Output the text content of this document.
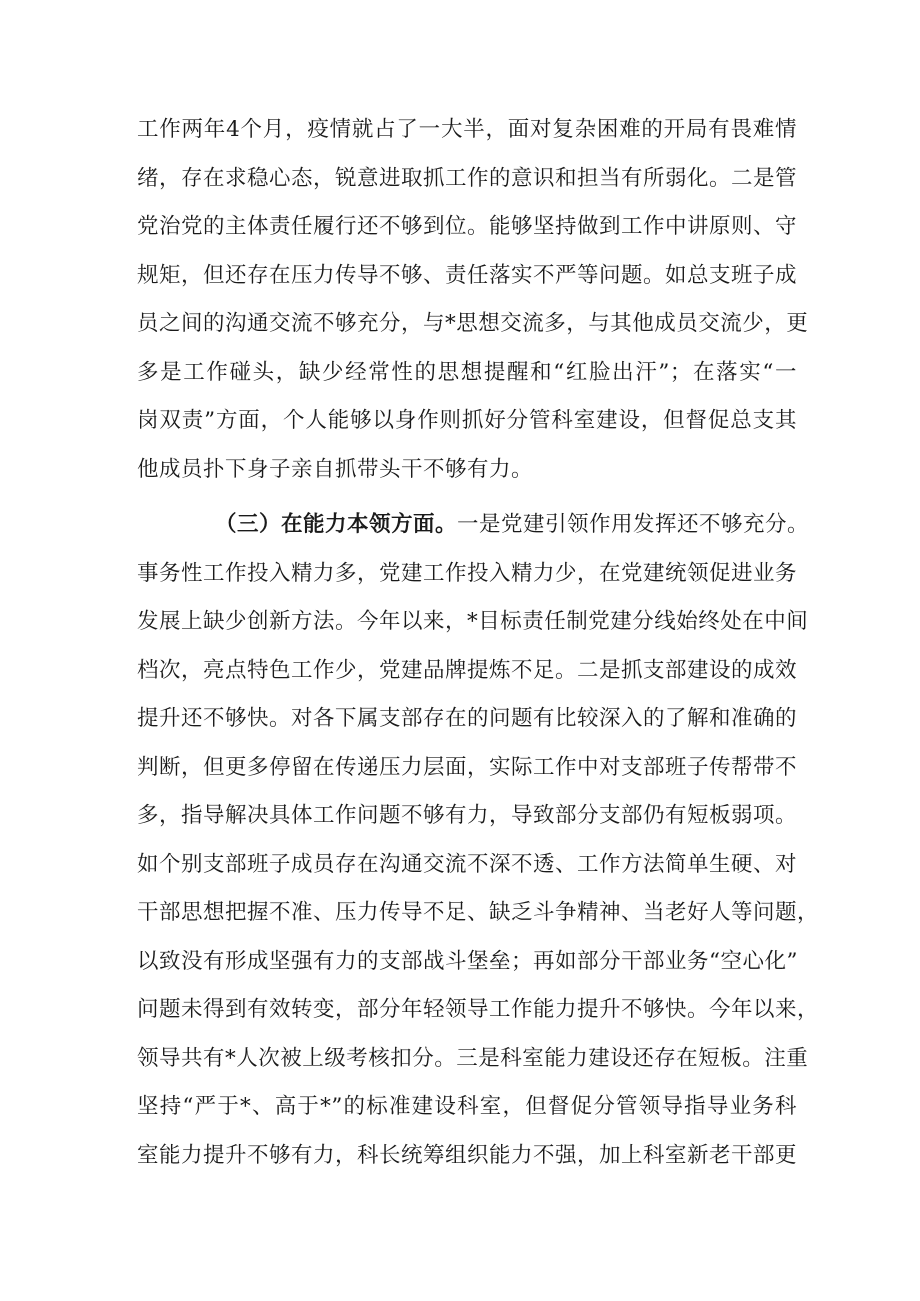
工作两年4个月，疫情就占了一大半，面对复杂困难的开局有畏难情
绪，存在求稳心态，锐意进取抓工作的意识和担当有所弱化。二是管
党治党的主体责任履行还不够到位。能够坚持做到工作中讲原则、守
规矩，但还存在压力传导不够、责任落实不严等问题。如总支班子成
员之间的沟通交流不够充分，与*思想交流多，与其他成员交流少，更
多是工作碰头，缺少经常性的思想提醒和“红脸出汗”；在落实“一
岗双责”方面，个人能够以身作则抓好分管科室建设，但督促总支其
他成员扑下身子亲自抓带头干不够有力。
（三）在能力本领方面。一是党建引领作用发挥还不够充分。
事务性工作投入精力多，党建工作投入精力少，在党建统领促进业务
发展上缺少创新方法。今年以来，*目标责任制党建分线始终处在中间
档次，亮点特色工作少，党建品牌提炼不足。二是抓支部建设的成效
提升还不够快。对各下属支部存在的问题有比较深入的了解和准确的
判断，但更多停留在传递压力层面，实际工作中对支部班子传帮带不
多，指导解决具体工作问题不够有力，导致部分支部仍有短板弱项。
如个别支部班子成员存在沟通交流不深不透、工作方法简单生硬、对
干部思想把握不准、压力传导不足、缺乏斗争精神、当老好人等问题，
以致没有形成坚强有力的支部战斗堡垒；再如部分干部业务“空心化”
问题未得到有效转变，部分年轻领导工作能力提升不够快。今年以来，
领导共有*人次被上级考核扣分。三是科室能力建设还存在短板。注重
坚持“严于*、高于*”的标准建设科室，但督促分管领导指导业务科
室能力提升不够有力，科长统筹组织能力不强，加上科室新老干部更
